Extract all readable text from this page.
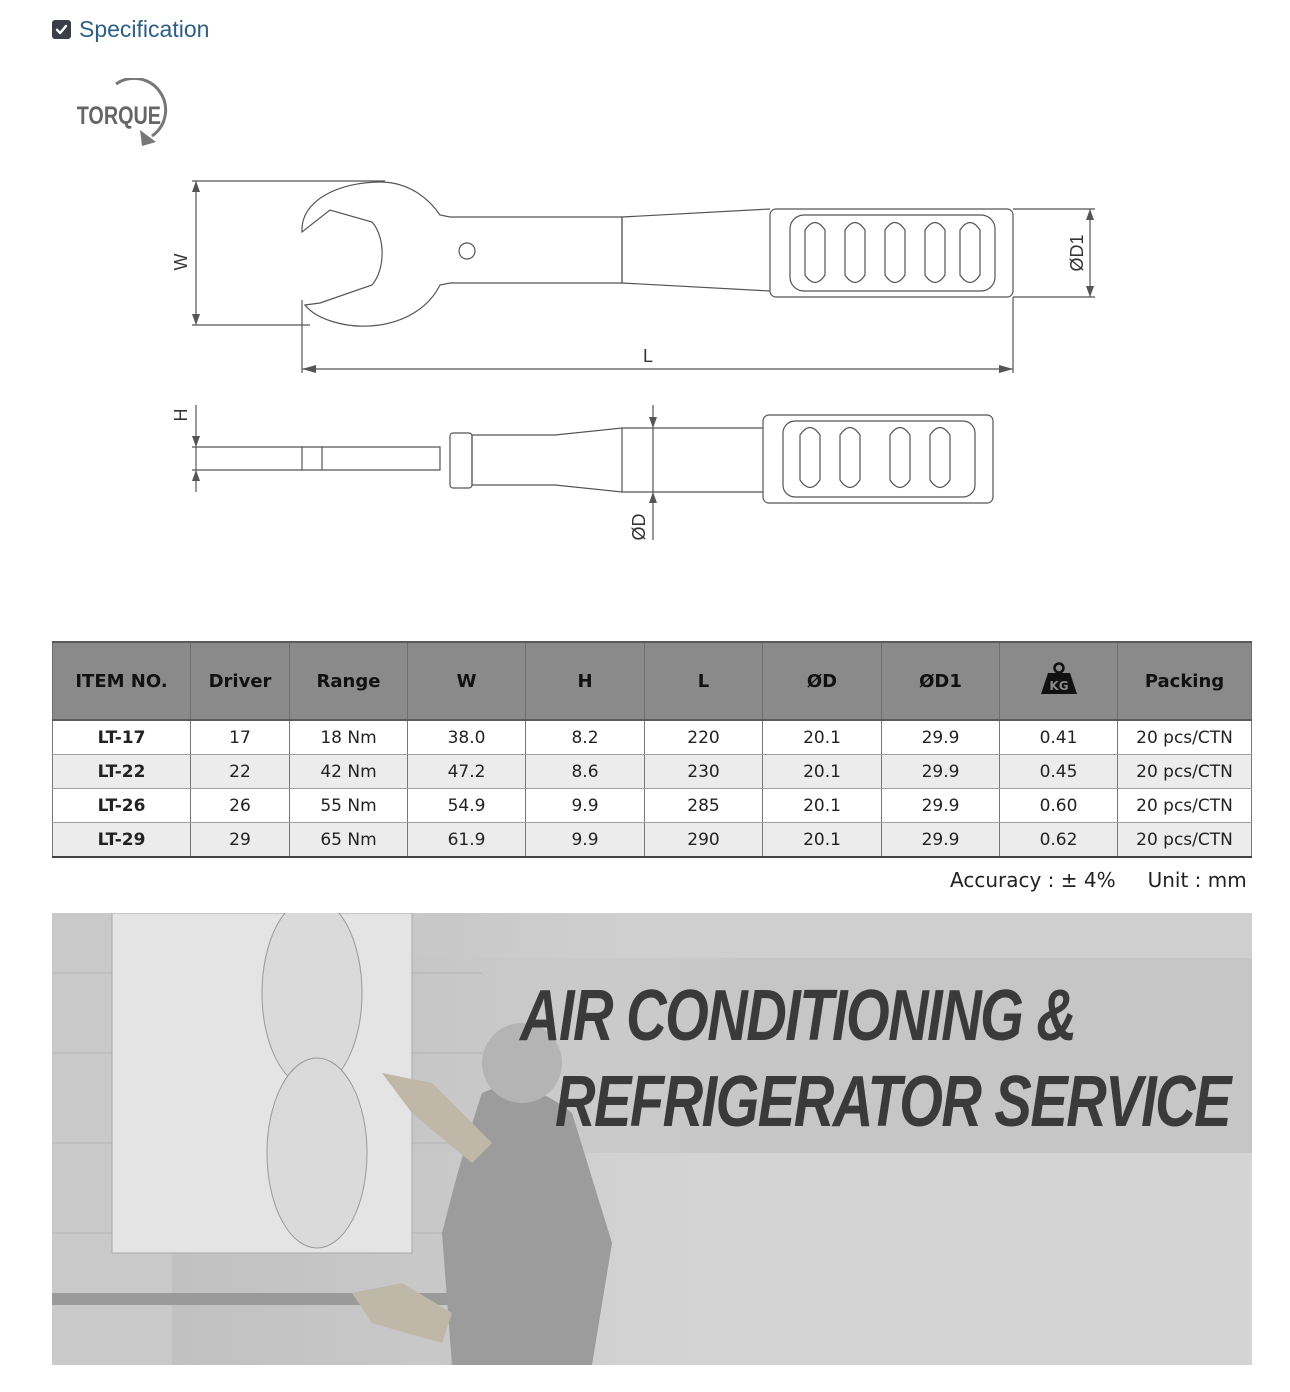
Specification
TORQUE
W
L
ØD1
H
ØD
ITEM NO.	Driver	Range	W	H	L	ØD	ØD1	KG	Packing
LT-17	17	18 Nm	38.0	8.2	220	20.1	29.9	0.41	20 pcs/CTN
LT-22	22	42 Nm	47.2	8.6	230	20.1	29.9	0.45	20 pcs/CTN
LT-26	26	55 Nm	54.9	9.9	285	20.1	29.9	0.60	20 pcs/CTN
LT-29	29	65 Nm	61.9	9.9	290	20.1	29.9	0.62	20 pcs/CTN
Accuracy : ± 4% Unit : mm
AIR CONDITIONING &
REFRIGERATOR SERVICE
